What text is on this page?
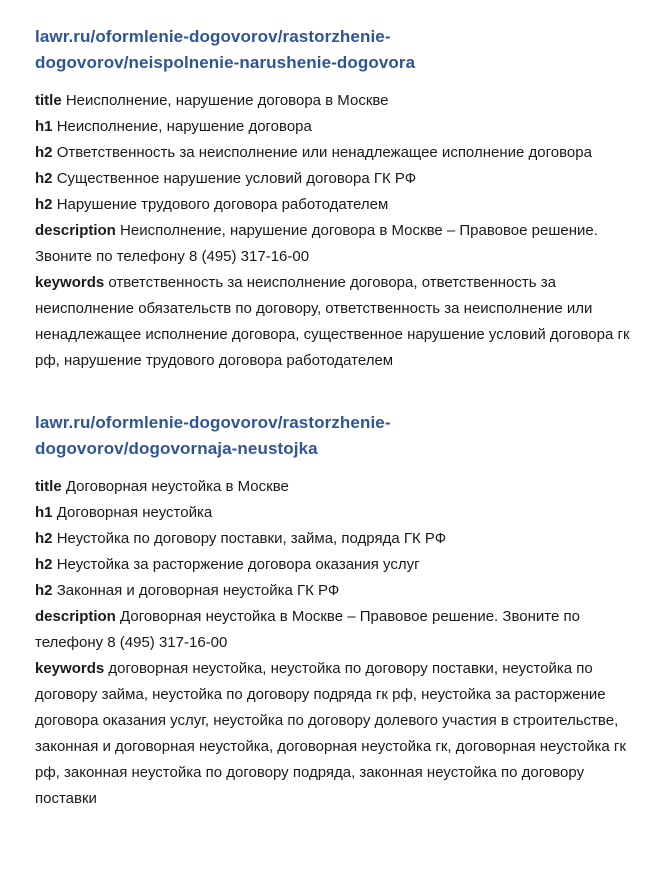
lawr.ru/oformlenie-dogovorov/rastorzhenie-
dogovorov/neispolnenie-narushenie-dogovora

title Неисполнение, нарушение договора в Москве

h1 Неисполнение, нарушение договора

h2 Ответственность за неисполнение или ненадлежащее исполнение договора

h2 Существенное нарушение условий договора ГК РФ

h2 Нарушение трудового договора работодателем

description Неисполнение, нарушение договора в Москве – Правовое решение. Звоните по телефону 8 (495) 317-16-00

keywords ответственность за неисполнение договора, ответственность за неисполнение обязательств по договору, ответственность за неисполнение или ненадлежащее исполнение договора, существенное нарушение условий договора гк рф, нарушение трудового договора работодателем

lawr.ru/oformlenie-dogovorov/rastorzhenie-
dogovorov/dogovornaja-neustojka

title Договорная неустойка в Москве

h1 Договорная неустойка

h2 Неустойка по договору поставки, займа, подряда ГК РФ

h2 Неустойка за расторжение договора оказания услуг

h2 Законная и договорная неустойка ГК РФ

description Договорная неустойка в Москве – Правовое решение. Звоните по телефону 8 (495) 317-16-00

keywords договорная неустойка, неустойка по договору поставки, неустойка по договору займа, неустойка по договору подряда гк рф, неустойка за расторжение договора оказания услуг, неустойка по договору долевого участия в строительстве, законная и договорная неустойка, договорная неустойка гк, договорная неустойка гк рф, законная неустойка по договору подряда, законная неустойка по договору поставки
